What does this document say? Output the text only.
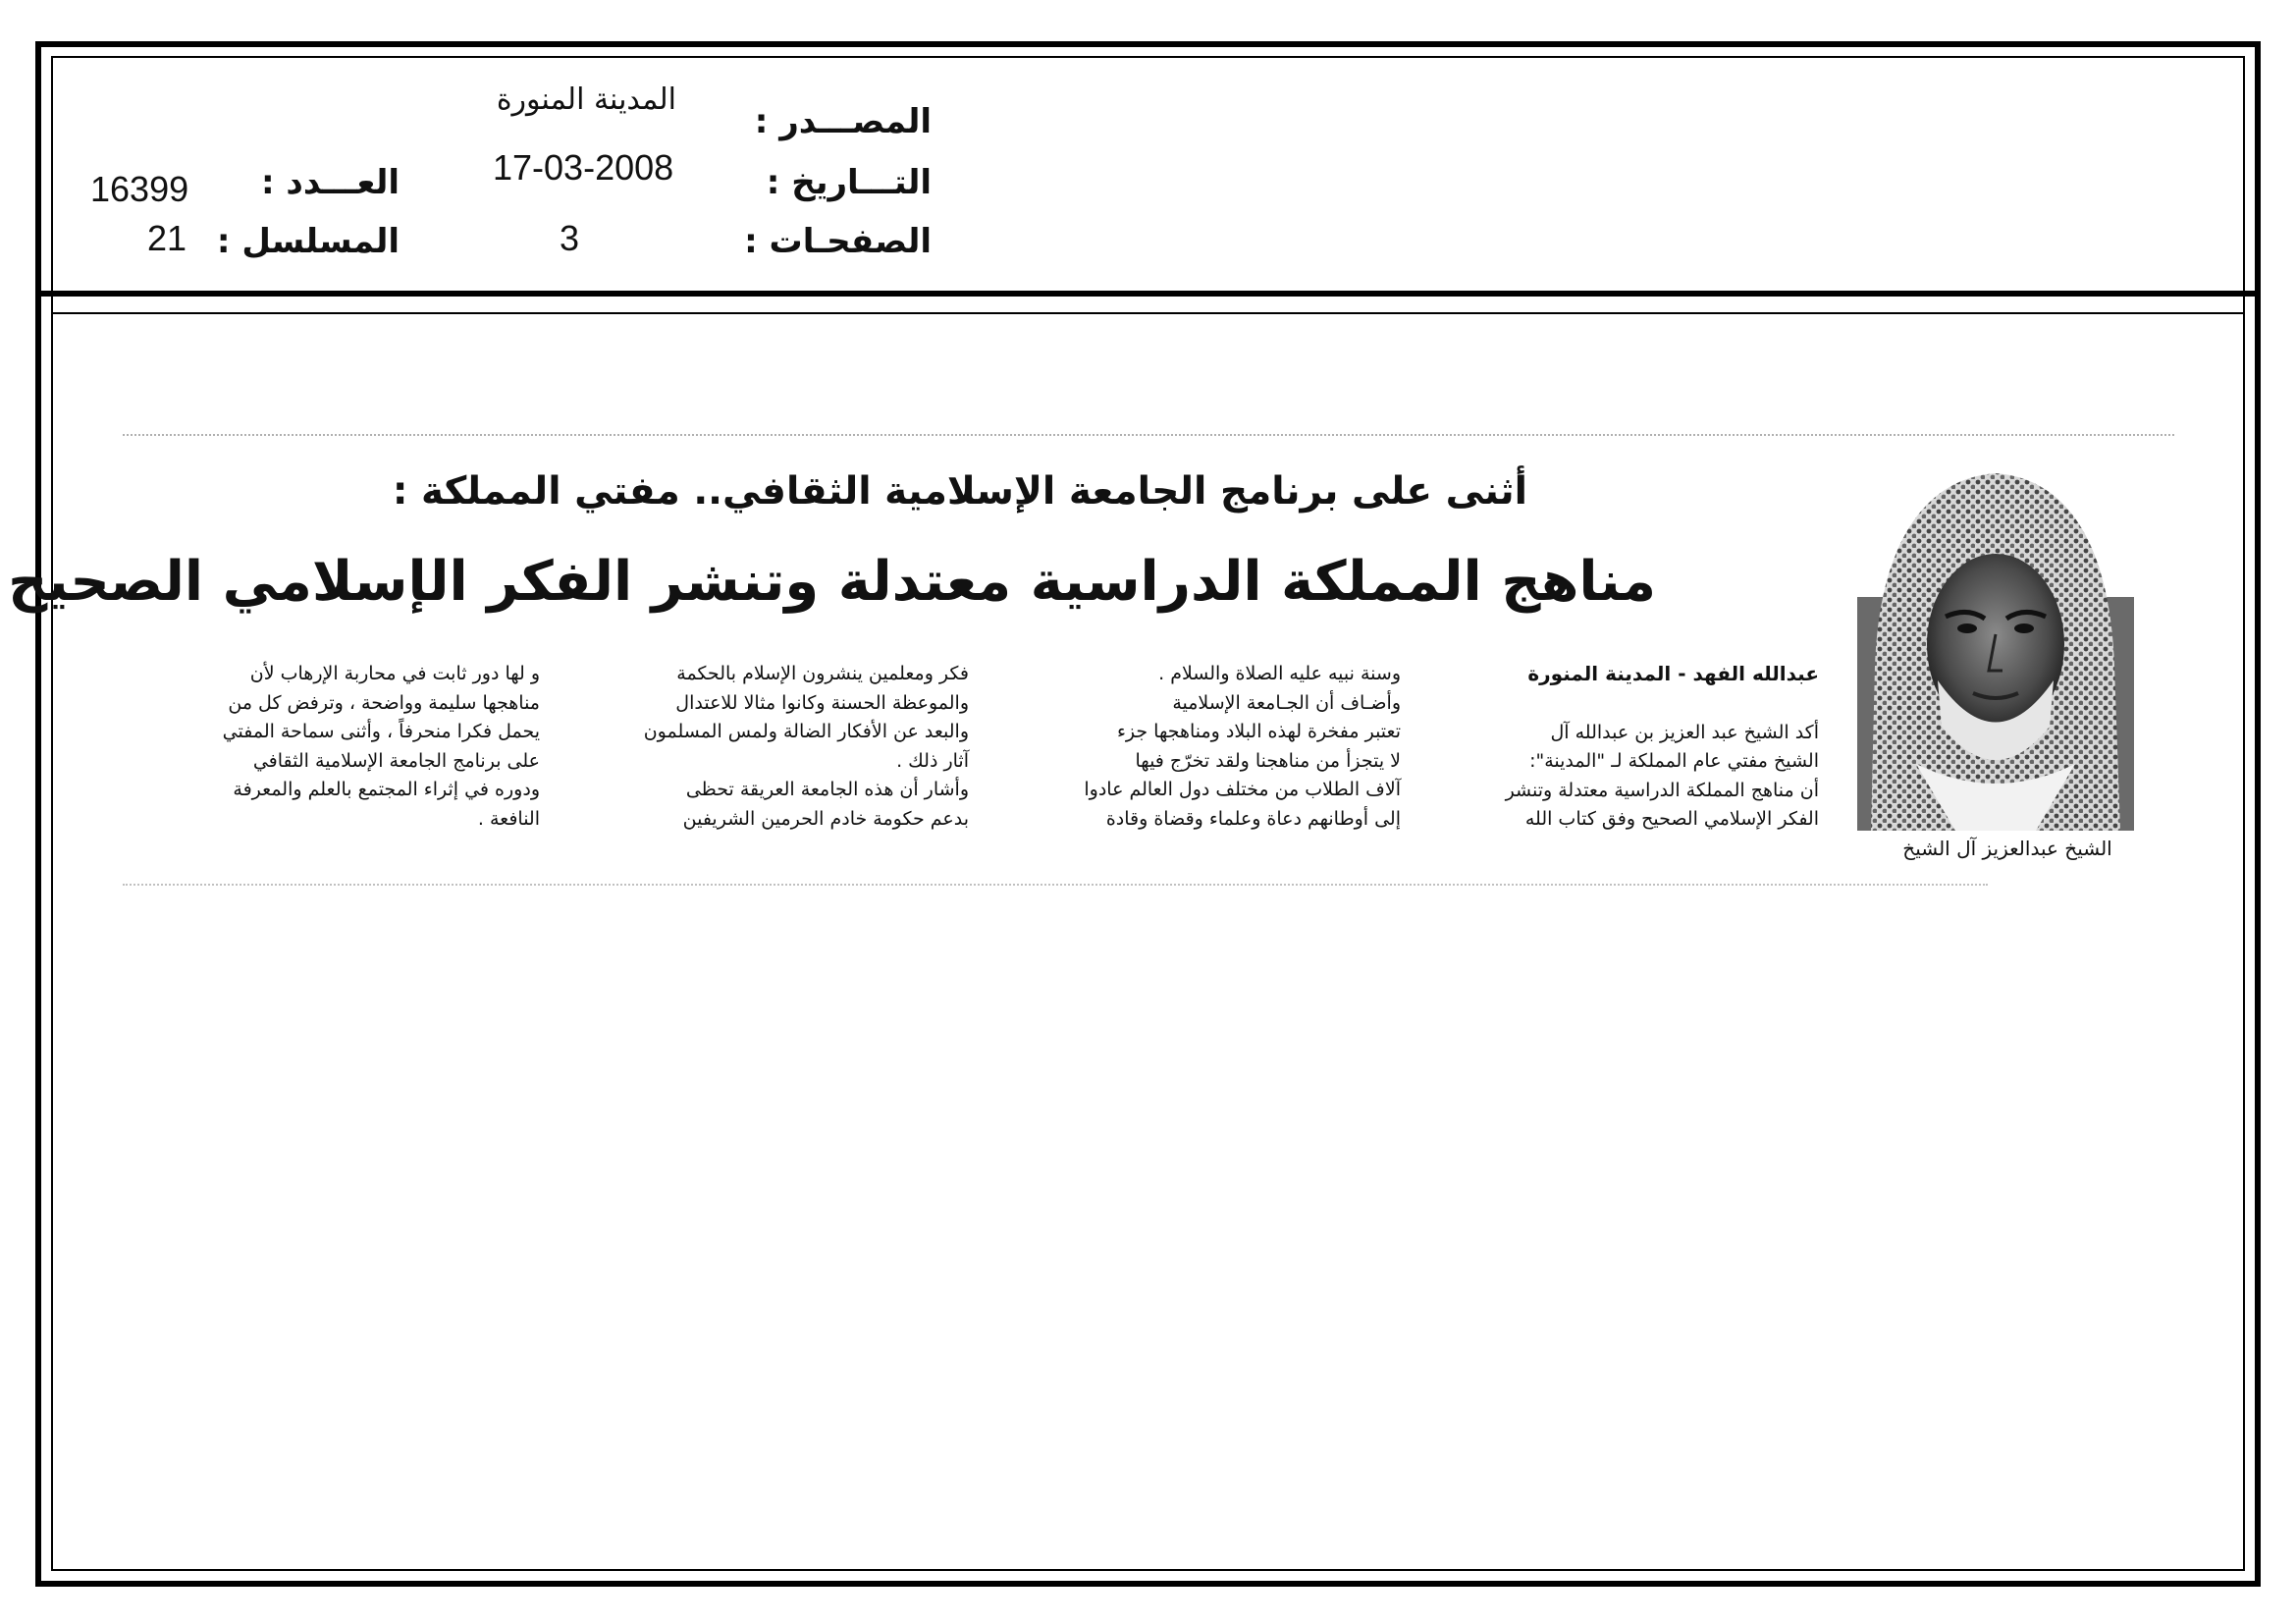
المصـــدر :
المدينة المنورة
التـــاريخ :
17-03-2008
الصفحـات :
3
العـــدد :
16399
المسلسل :
21
أثنى على برنامج الجامعة الإسلامية الثقافي.. مفتي المملكة :
مناهج المملكة الدراسية معتدلة وتنشر الفكر الإسلامي الصحيح
الشيخ عبدالعزيز آل الشيخ

عبدالله الفهد - المدينة المنورة

أكد الشيخ عبد العزيز بن عبدالله آل

الشيخ مفتي عام المملكة لـ "المدينة":

أن مناهج المملكة الدراسية معتدلة وتنشر

الفكر الإسلامي الصحيح وفق كتاب الله

وسنة نبيه عليه الصلاة والسلام .

وأضـاف أن الجـامعة الإسلامية

تعتبر مفخرة لهذه البلاد ومناهجها جزء

لا يتجزأ من مناهجنا ولقد تخرّج فيها

آلاف الطلاب من مختلف دول العالم عادوا

إلى أوطانهم دعاة وعلماء وقضاة وقادة

فكر ومعلمين ينشرون الإسلام بالحكمة

والموعظة الحسنة وكانوا مثالا للاعتدال

والبعد عن الأفكار الضالة ولمس المسلمون

آثار ذلك .

وأشار أن هذه الجامعة العريقة تحظى

بدعم حكومة خادم الحرمين الشريفين

و لها دور ثابت في محاربة الإرهاب لأن

مناهجها سليمة وواضحة ، وترفض كل من

يحمل فكرا منحرفاً ، وأثنى سماحة المفتي

على برنامج الجامعة الإسلامية الثقافي

ودوره في إثراء المجتمع بالعلم والمعرفة

النافعة .
